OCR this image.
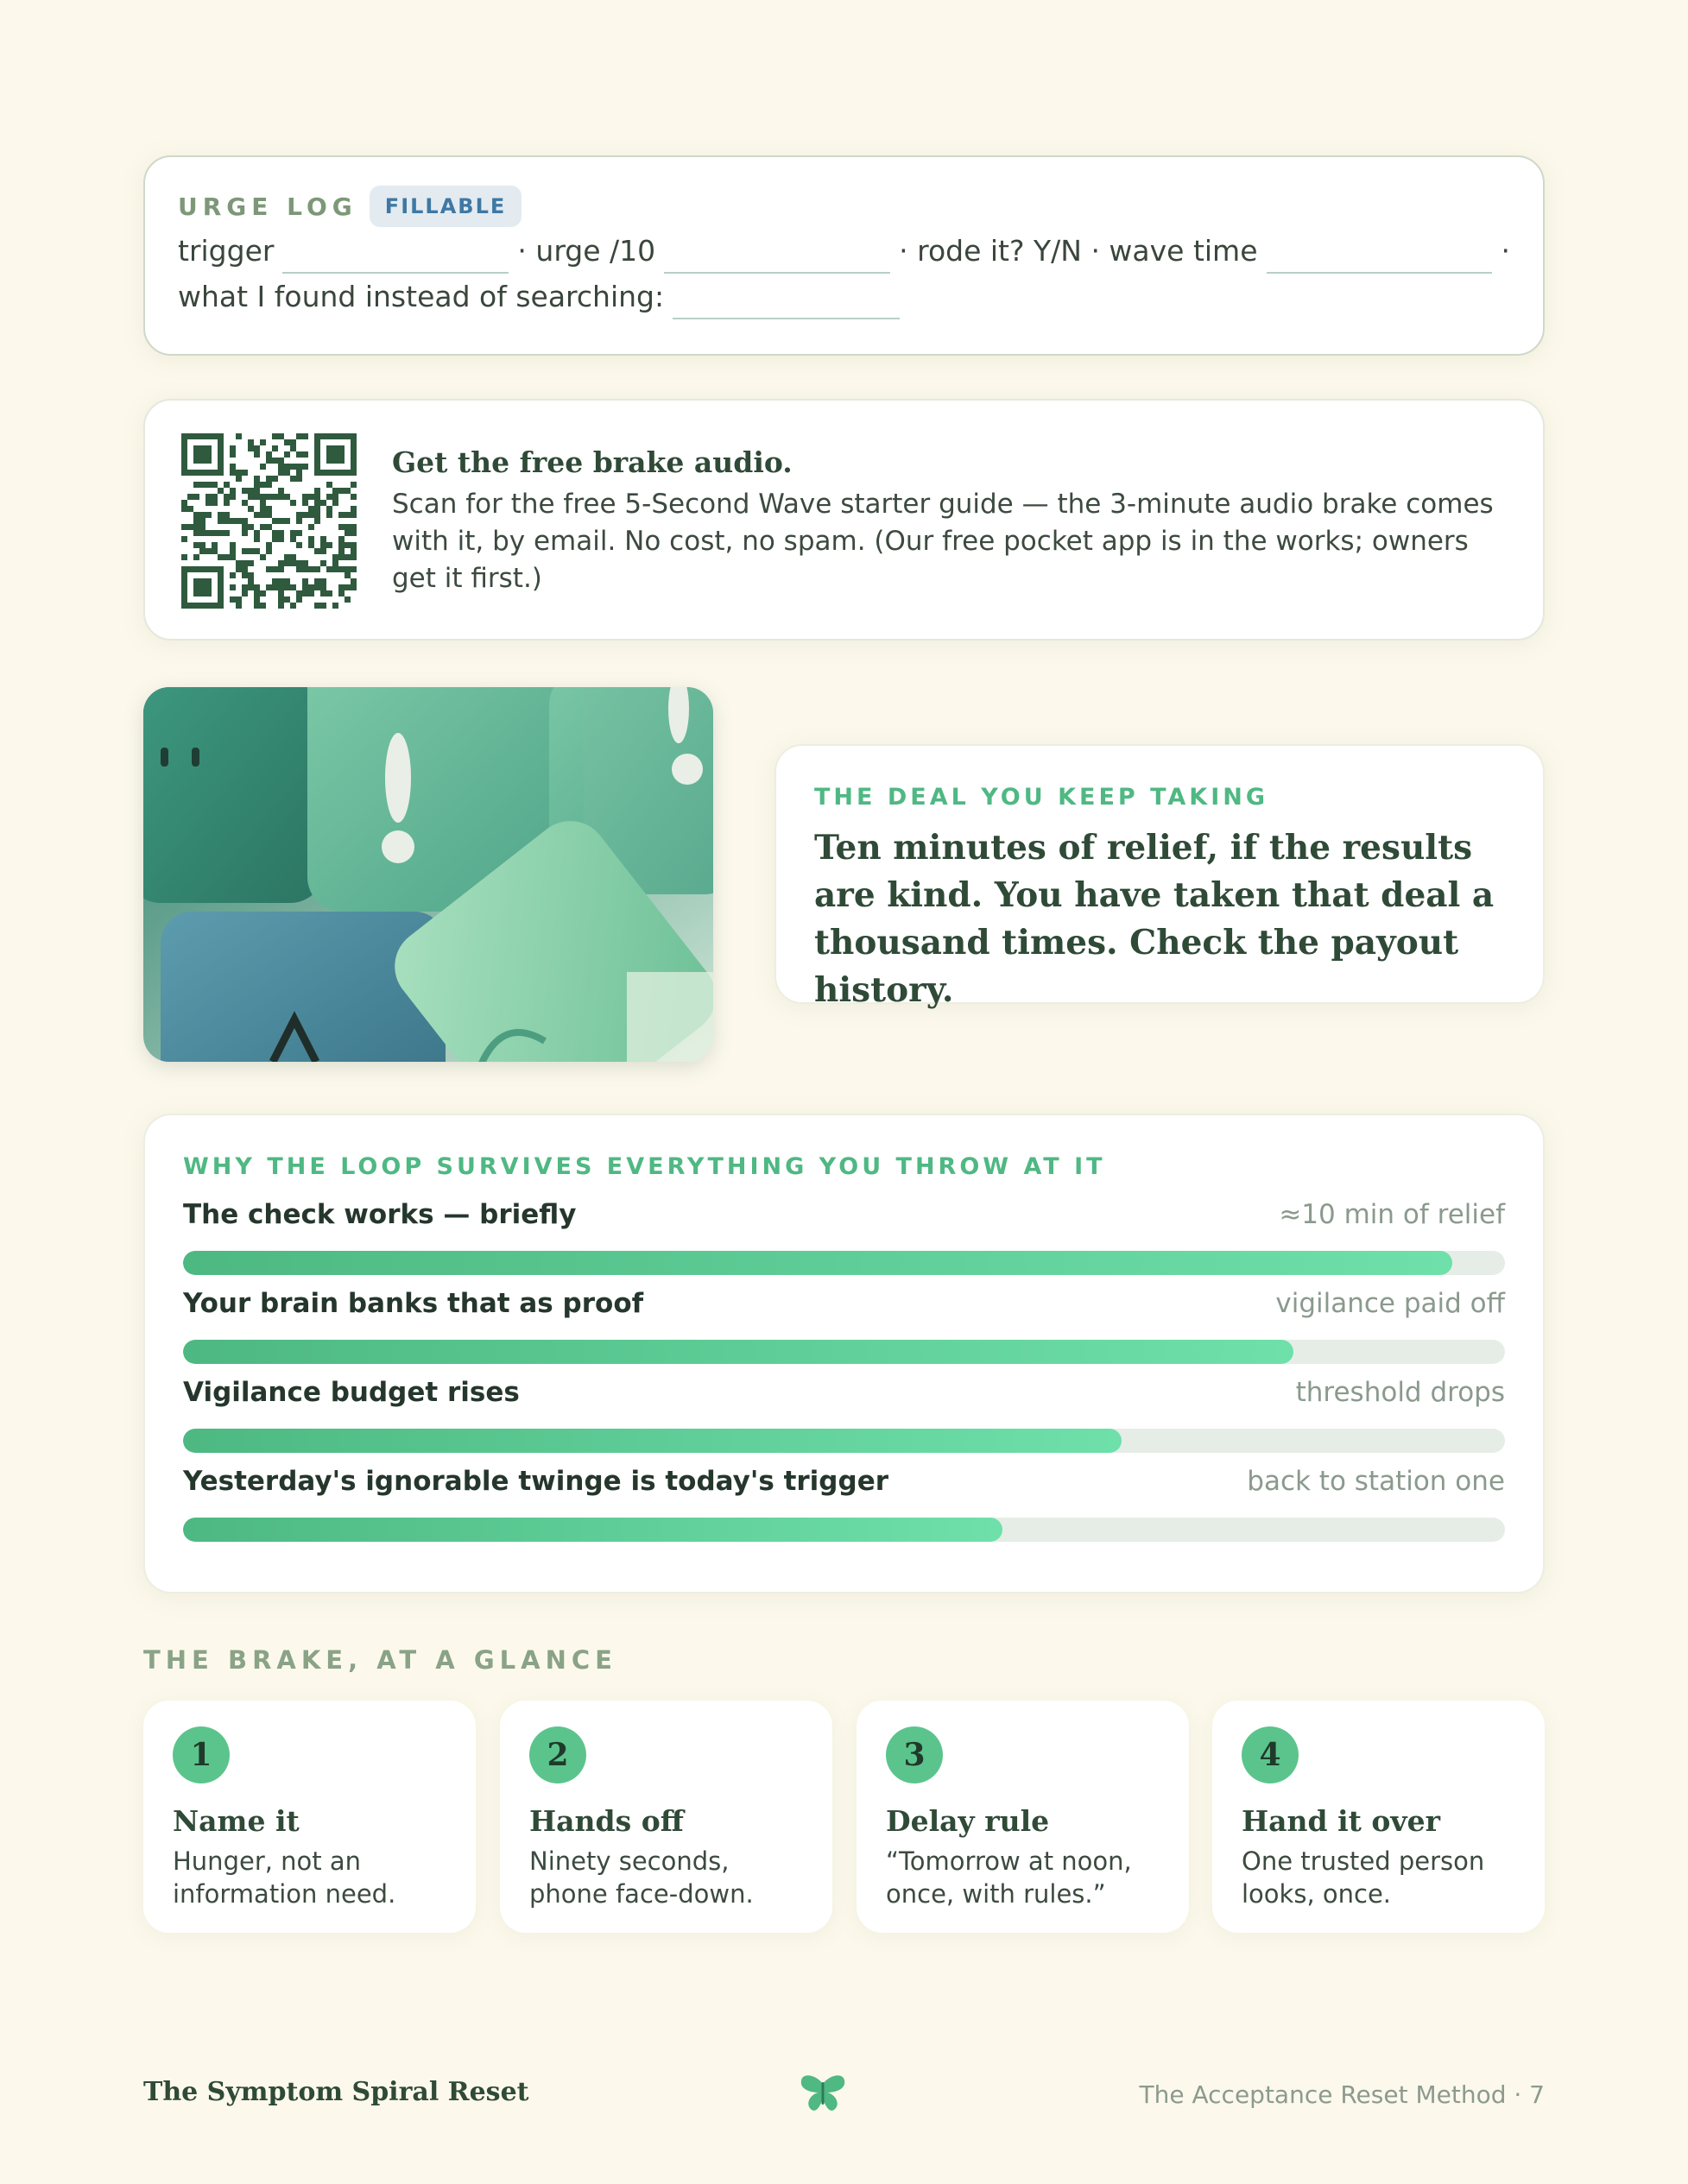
URGE LOG	FILLABLE
trigger	· urge /10	· rode it? Y/N · wave time	·
what I found instead of searching:
Get the free brake audio.
Scan for the free 5-Second Wave starter guide — the 3-minute audio brake comes with it, by email. No cost, no spam. (Our free pocket app is in the works; owners get it first.)
THE DEAL YOU KEEP TAKING
Ten minutes of relief, if the results are kind. You have taken that deal a thousand times. Check the payout history.
WHY THE LOOP SURVIVES EVERYTHING YOU THROW AT IT
The check works — briefly	≈10 min of relief
Your brain banks that as proof	vigilance paid off
Vigilance budget rises	threshold drops
Yesterday's ignorable twinge is today's trigger	back to station one
THE BRAKE, AT A GLANCE
1
Name it
Hunger, not an information need.
2
Hands off
Ninety seconds, phone face-down.
3
Delay rule
“Tomorrow at noon, once, with rules.”
4
Hand it over
One trusted person looks, once.
The Symptom Spiral Reset	The Acceptance Reset Method · 7
